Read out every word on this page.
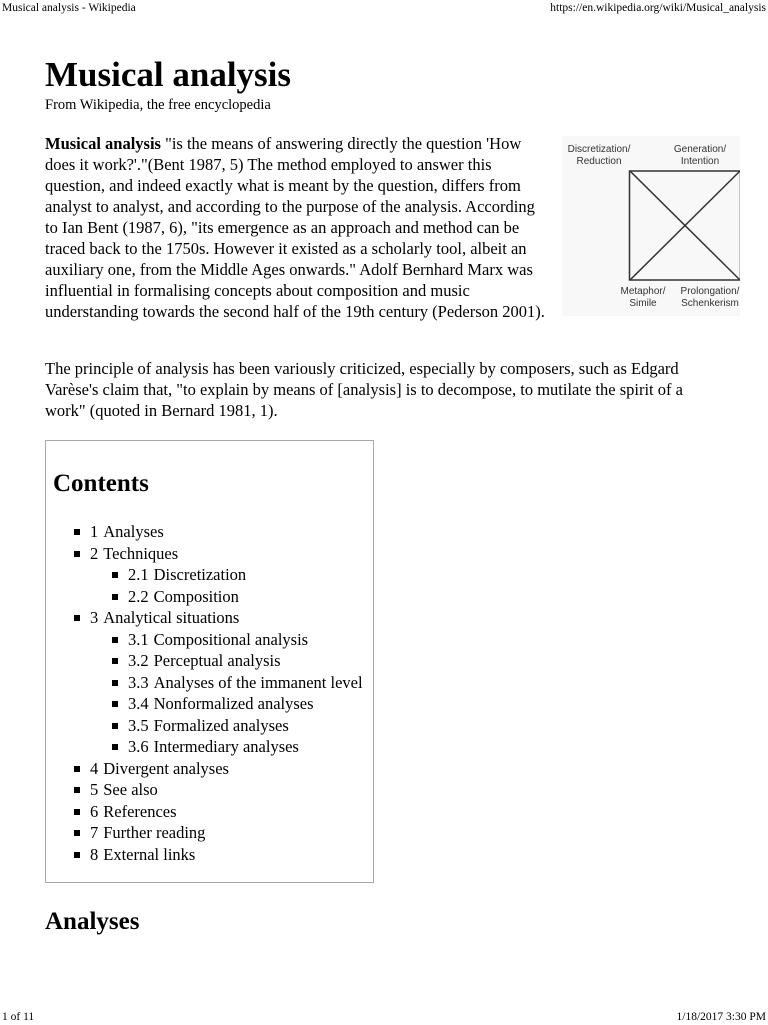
Musical analysis - Wikipedia	https://en.wikipedia.org/wiki/Musical_analysis
Musical analysis
From Wikipedia, the free encyclopedia
Musical analysis "is the means of answering directly the question 'How does it work?'."(Bent 1987, 5) The method employed to answer this question, and indeed exactly what is meant by the question, differs from analyst to analyst, and according to the purpose of the analysis. According to Ian Bent (1987, 6), "its emergence as an approach and method can be traced back to the 1750s. However it existed as a scholarly tool, albeit an auxiliary one, from the Middle Ages onwards." Adolf Bernhard Marx was influential in formalising concepts about composition and music understanding towards the second half of the 19th century (Pederson 2001).
Discretization/
Reduction
Generation/
Intention
Metaphor/
Simile
Prolongation/
Schenkerism
The principle of analysis has been variously criticized, especially by composers, such as Edgard Varèse's claim that, "to explain by means of [analysis] is to decompose, to mutilate the spirit of a work" (quoted in Bernard 1981, 1).
Contents
1 Analyses
2 Techniques
2.1 Discretization
2.2 Composition
3 Analytical situations
3.1 Compositional analysis
3.2 Perceptual analysis
3.3 Analyses of the immanent level
3.4 Nonformalized analyses
3.5 Formalized analyses
3.6 Intermediary analyses
4 Divergent analyses
5 See also
6 References
7 Further reading
8 External links
Analyses
1 of 11	1/18/2017 3:30 PM
